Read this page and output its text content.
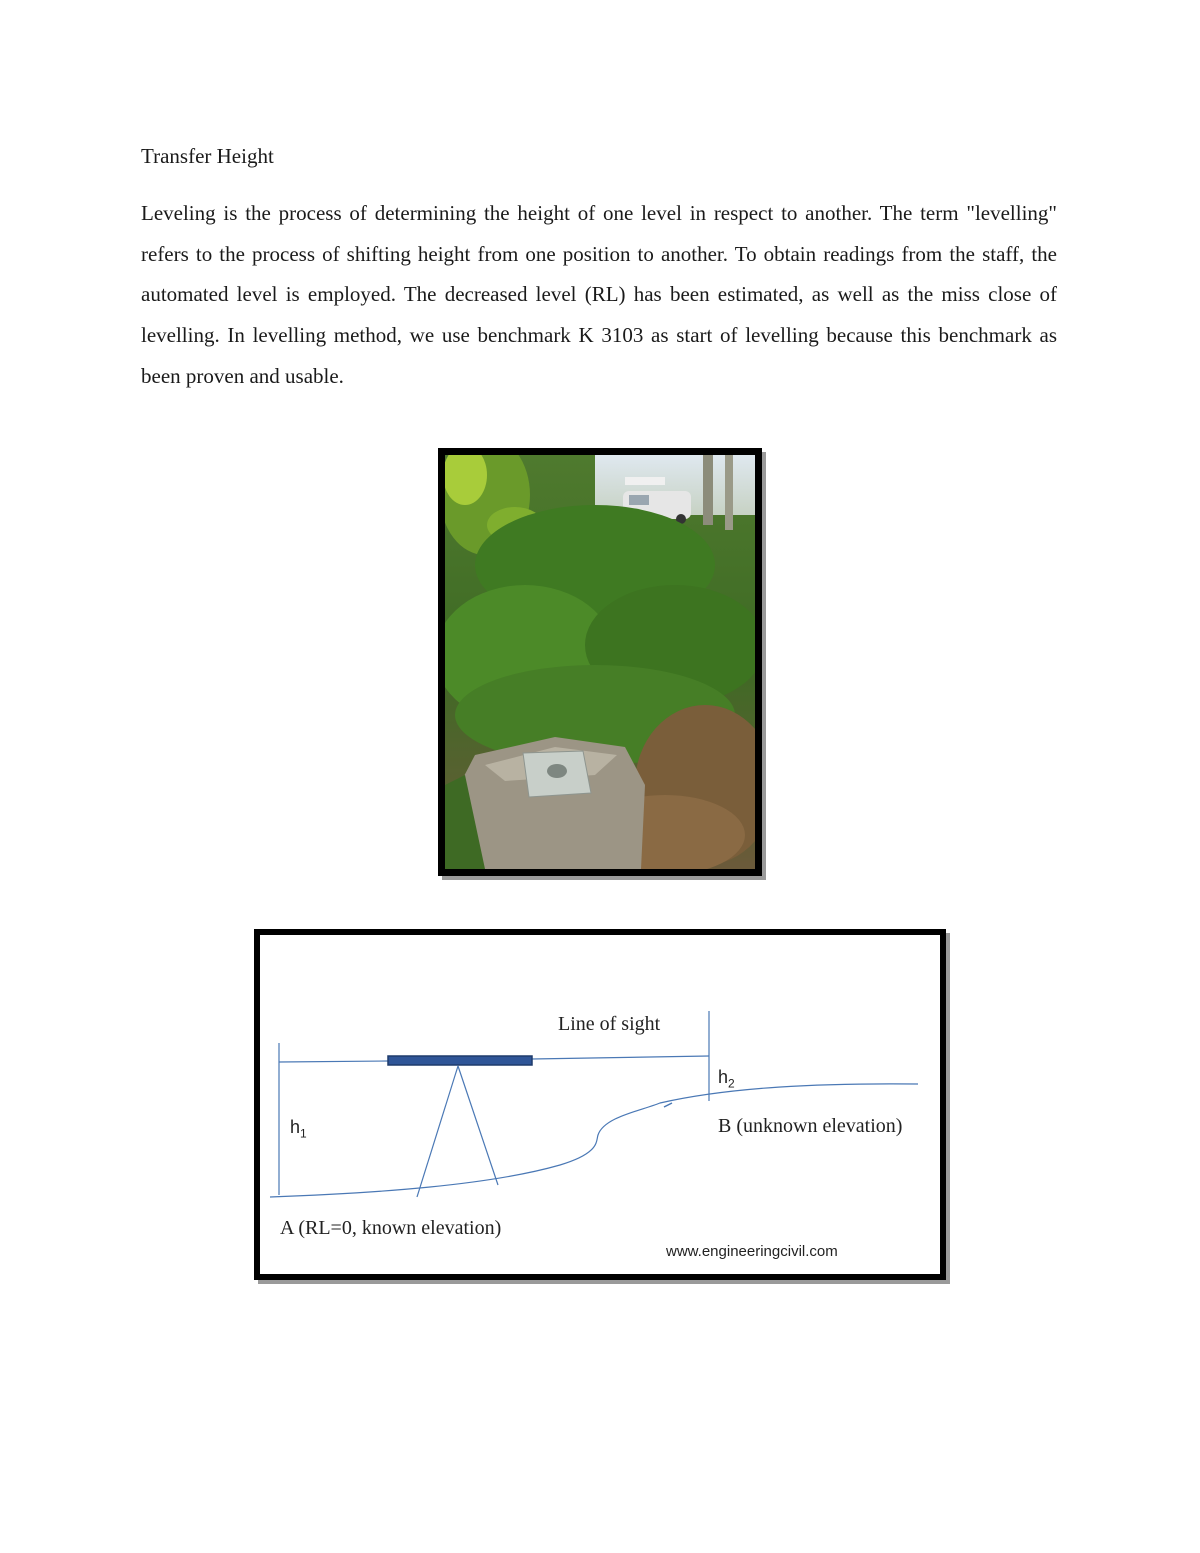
Transfer Height

Leveling is the process of determining the height of one level in respect to another. The term "levelling" refers to the process of shifting height from one position to another. To obtain readings from the staff, the automated level is employed. The decreased level (RL) has been estimated, as well as the miss close of levelling. In levelling method, we use benchmark K 3103 as start of levelling because this benchmark as been proven and usable.

Line of sight
$h_1$
$h_2$
B (unknown elevation)
A (RL=0, known elevation)
www.engineeringcivil.com
